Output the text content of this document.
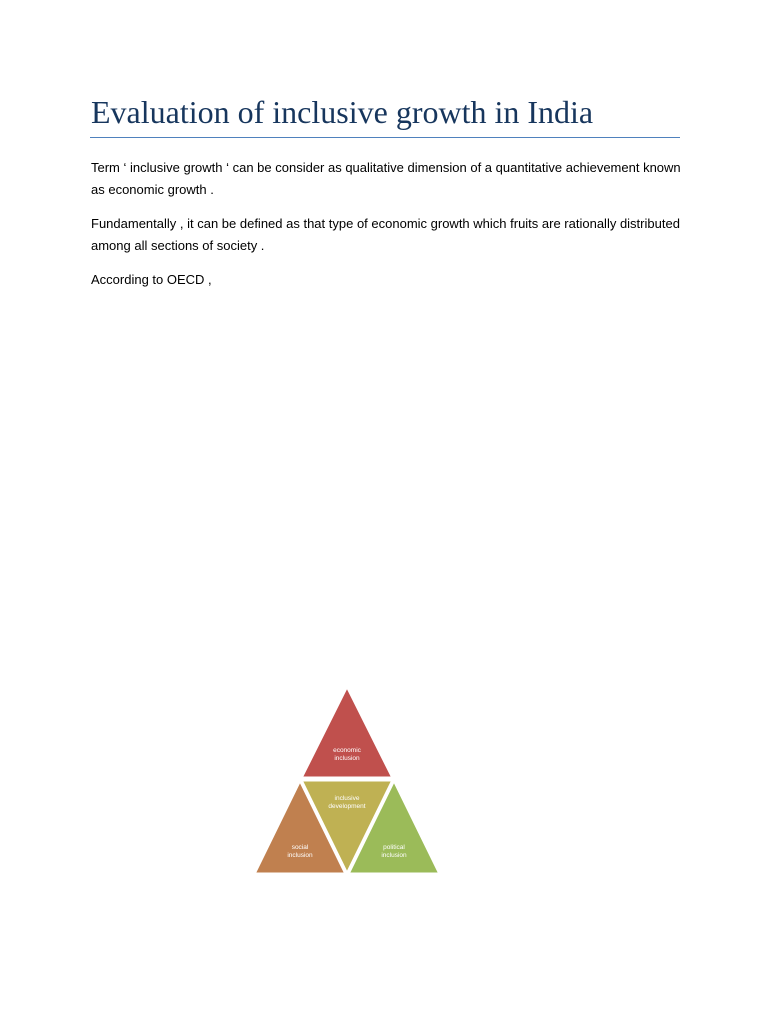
Evaluation of inclusive growth in India

Term ‘ inclusive growth ‘ can be consider as qualitative dimension of a quantitative achievement known as economic growth .

Fundamentally , it can be defined as that type of economic growth which fruits are rationally distributed among all sections of society .

According to OECD ,

economic
inclusion
inclusive
development
social
inclusion
political
inclusion
